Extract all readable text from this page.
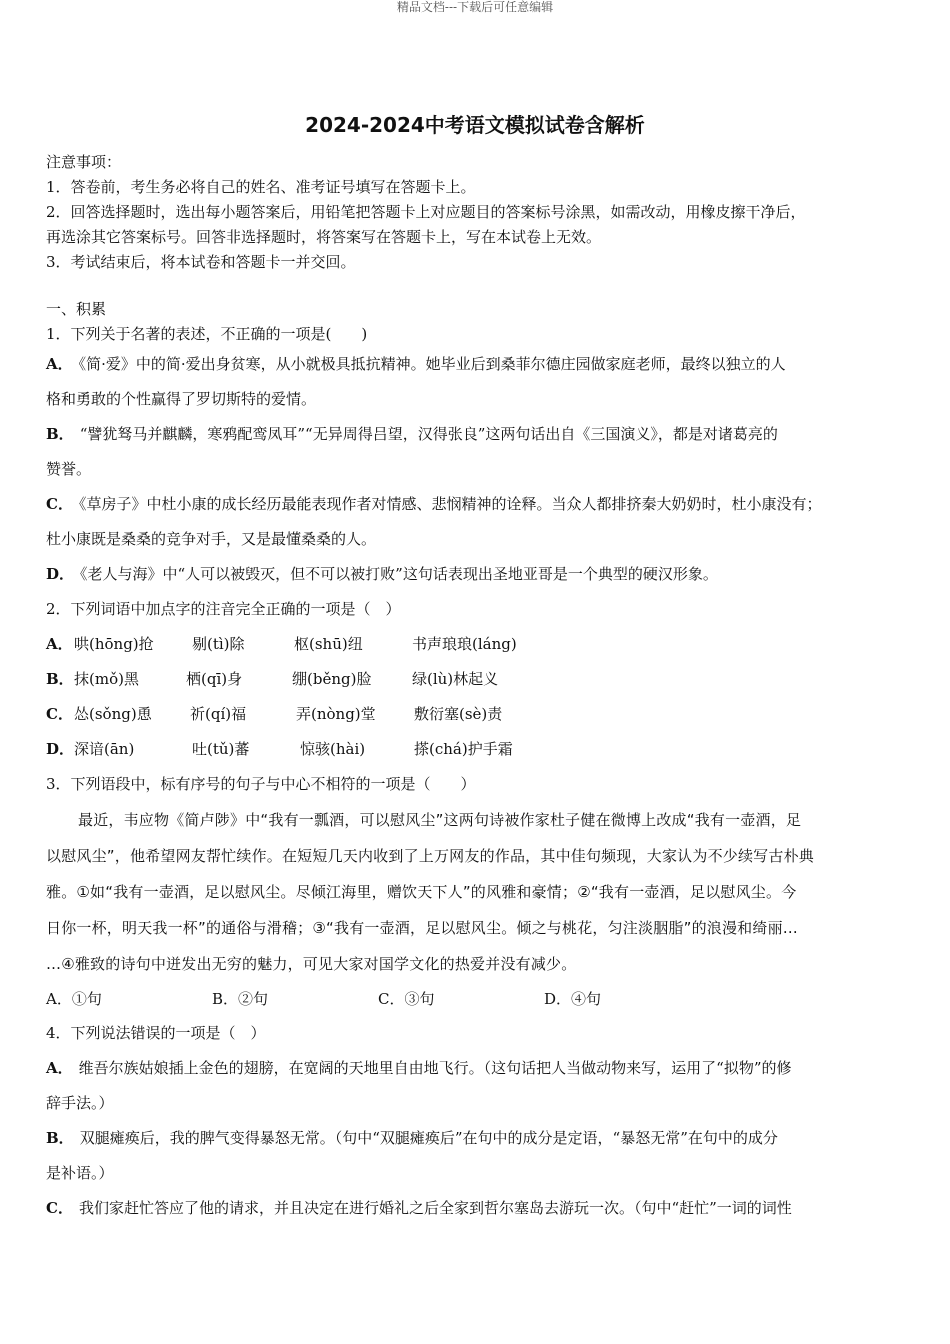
精品文档---下载后可任意编辑
2024-2024中考语文模拟试卷含解析

注意事项：

1．答卷前，考生务必将自己的姓名、准考证号填写在答题卡上。

2．回答选择题时，选出每小题答案后，用铅笔把答题卡上对应题目的答案标号涂黑，如需改动，用橡皮擦干净后，

再选涂其它答案标号。回答非选择题时，将答案写在答题卡上，写在本试卷上无效。

3．考试结束后，将本试卷和答题卡一并交回。

一、积累

1．下列关于名著的表述，不正确的一项是(　　)

A． 《简·爱》中的简·爱出身贫寒，从小就极具抵抗精神。她毕业后到桑菲尔德庄园做家庭老师，最终以独立的人

格和勇敢的个性赢得了罗切斯特的爱情。

B． “譬犹驽马并麒麟，寒鸦配鸾凤耳”“无异周得吕望，汉得张良”这两句话出自《三国演义》，都是对诸葛亮的

赞誉。

C． 《草房子》中杜小康的成长经历最能表现作者对情感、悲悯精神的诠释。当众人都排挤秦大奶奶时，杜小康没有；

杜小康既是桑桑的竞争对手，又是最懂桑桑的人。

D． 《老人与海》中“人可以被毁灭，但不可以被打败”这句话表现出圣地亚哥是一个典型的硬汉形象。

2．下列词语中加点字的注音完全正确的一项是（　）

A． 哄(hōng)抢	剔(tì)除	枢(shū)纽	书声琅琅(láng)
B． 抹(mǒ)黑	栖(qī)身	绷(běng)脸	绿(lù)林起义
C． 怂(sǒng)恿	祈(qí)福	弄(nòng)堂	敷衍塞(sè)责
D． 深谙(ān)	吐(tǔ)蕃	惊骇(hài)	搽(chá)护手霜

3．下列语段中，标有序号的句子与中心不相符的一项是（　　）

最近，韦应物《简卢陟》中“我有一瓢酒，可以慰风尘”这两句诗被作家杜子健在微博上改成“我有一壶酒，足

以慰风尘”，他希望网友帮忙续作。在短短几天内收到了上万网友的作品，其中佳句频现，大家认为不少续写古朴典

雅。①如“我有一壶酒，足以慰风尘。尽倾江海里，赠饮天下人”的风雅和豪情；②“我有一壶酒，足以慰风尘。今

日你一杯，明天我一杯”的通俗与滑稽；③“我有一壶酒，足以慰风尘。倾之与桃花，匀注淡胭脂”的浪漫和绮丽…

…④雅致的诗句中迸发出无穷的魅力，可见大家对国学文化的热爱并没有减少。

A．①句	B．②句	C．③句	D．④句

4．下列说法错误的一项是（　）

A． 维吾尔族姑娘插上金色的翅膀，在宽阔的天地里自由地飞行。（这句话把人当做动物来写，运用了“拟物”的修

辞手法。）

B． 双腿瘫痪后，我的脾气变得暴怒无常。（句中“双腿瘫痪后”在句中的成分是定语，“暴怒无常”在句中的成分

是补语。）

C． 我们家赶忙答应了他的请求，并且决定在进行婚礼之后全家到哲尔塞岛去游玩一次。（句中“赶忙”一词的词性
